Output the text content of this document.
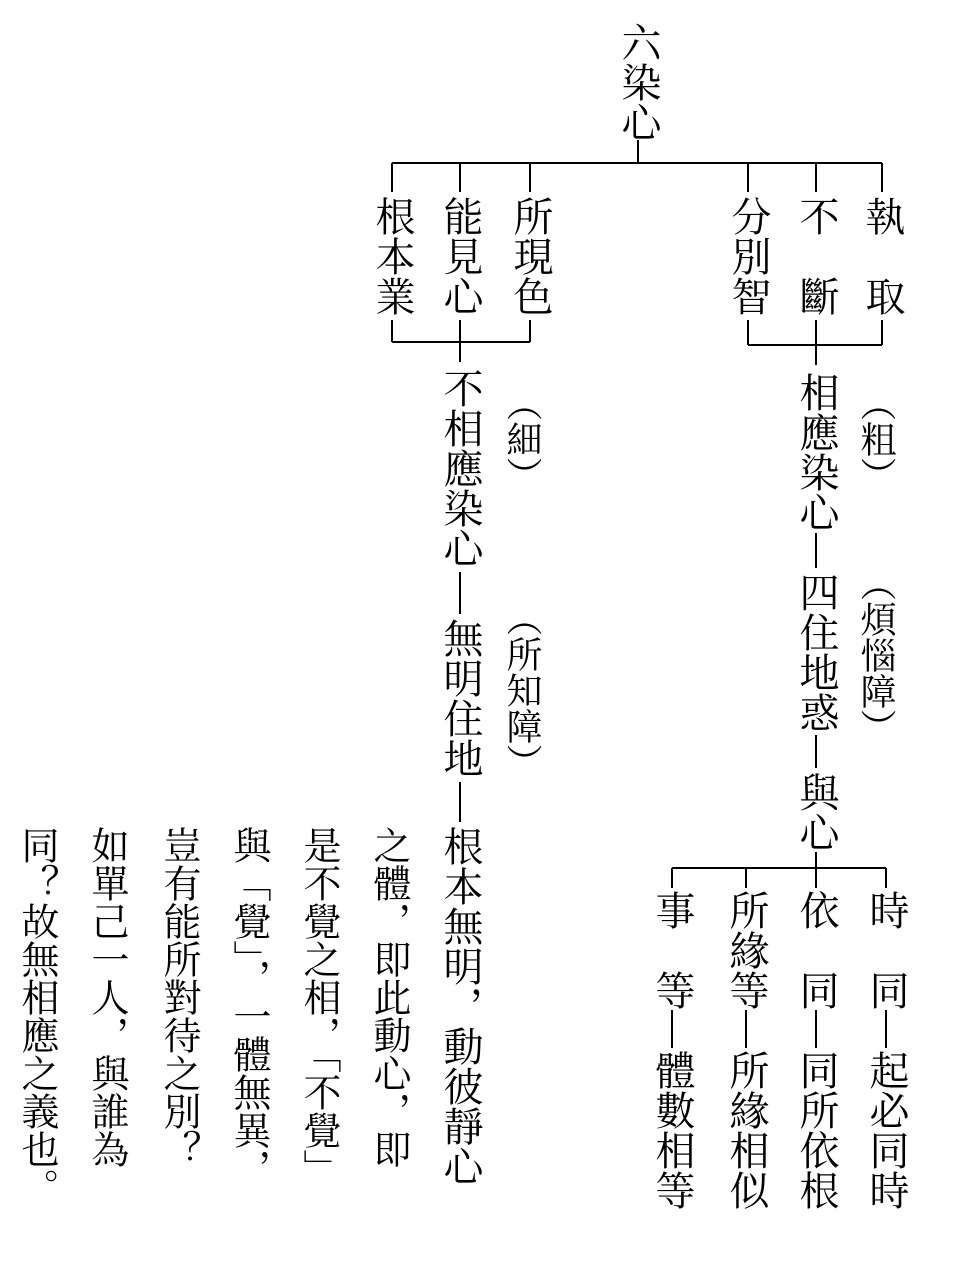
六染心
所現色
能見心
根本業	執　取
不　斷
分別智
不相應染心 （細）
無明住地 （所知障）
根本無明，動彼靜心
相應染心 （粗）
四住地惑 （煩惱障）
與心
時　同
起必同時
依　同
同所依根
所緣等
所緣相似
事　等
體數相等
之體，即此動心，即
是不覺之相，「不覺」
與「覺」，一體無異，
豈有能所對待之別？
如單己一人，與誰為
同？故無相應之義也。
